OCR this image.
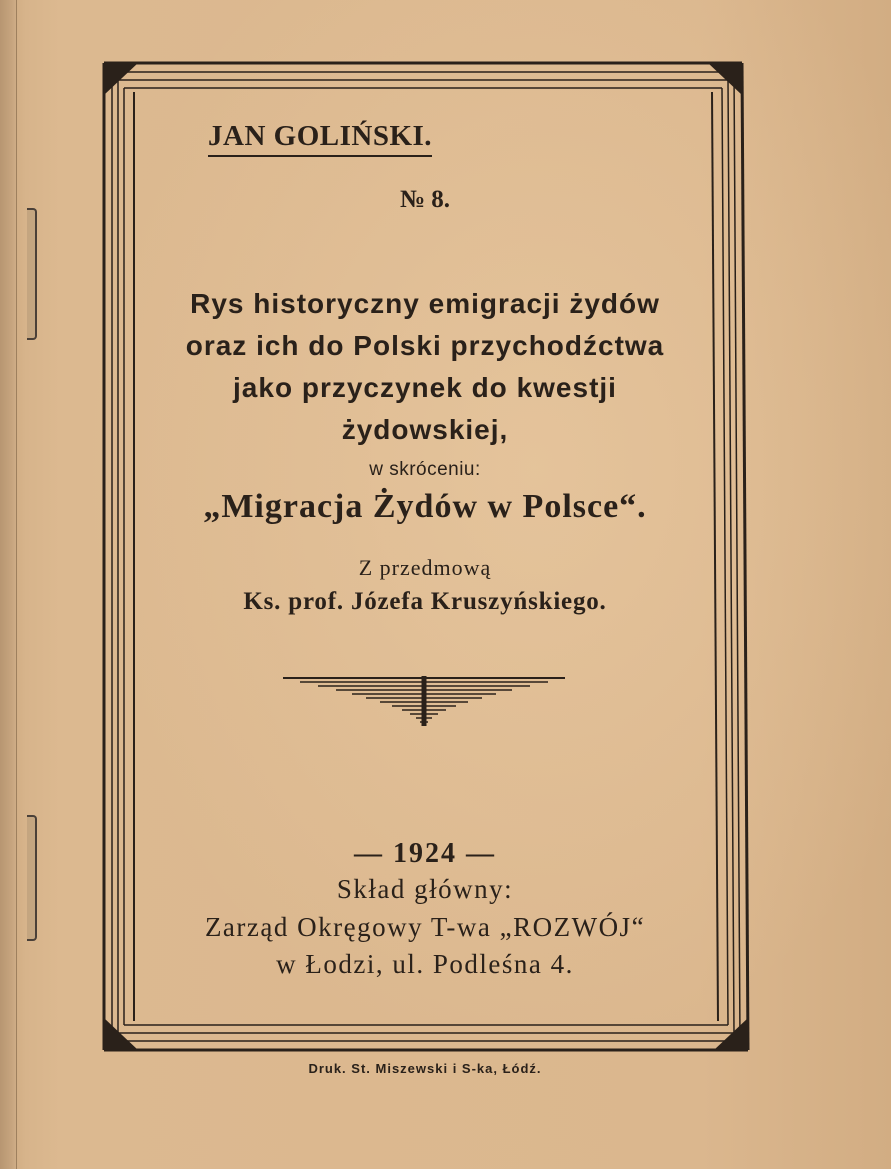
JAN GOLIŃSKI.
№ 8.
Rys historyczny emigracji żydów
oraz ich do Polski przychodźctwa
jako przyczynek do kwestji
żydowskiej,
w skróceniu:
„Migracja Żydów w Polsce“.
Z przedmową
Ks. prof. Józefa Kruszyńskiego.
— 1924 —
Skład główny:
Zarząd Okręgowy T-wa „ROZWÓJ“
w Łodzi, ul. Podleśna 4.
Druk. St. Miszewski i S-ka, Łódź.
